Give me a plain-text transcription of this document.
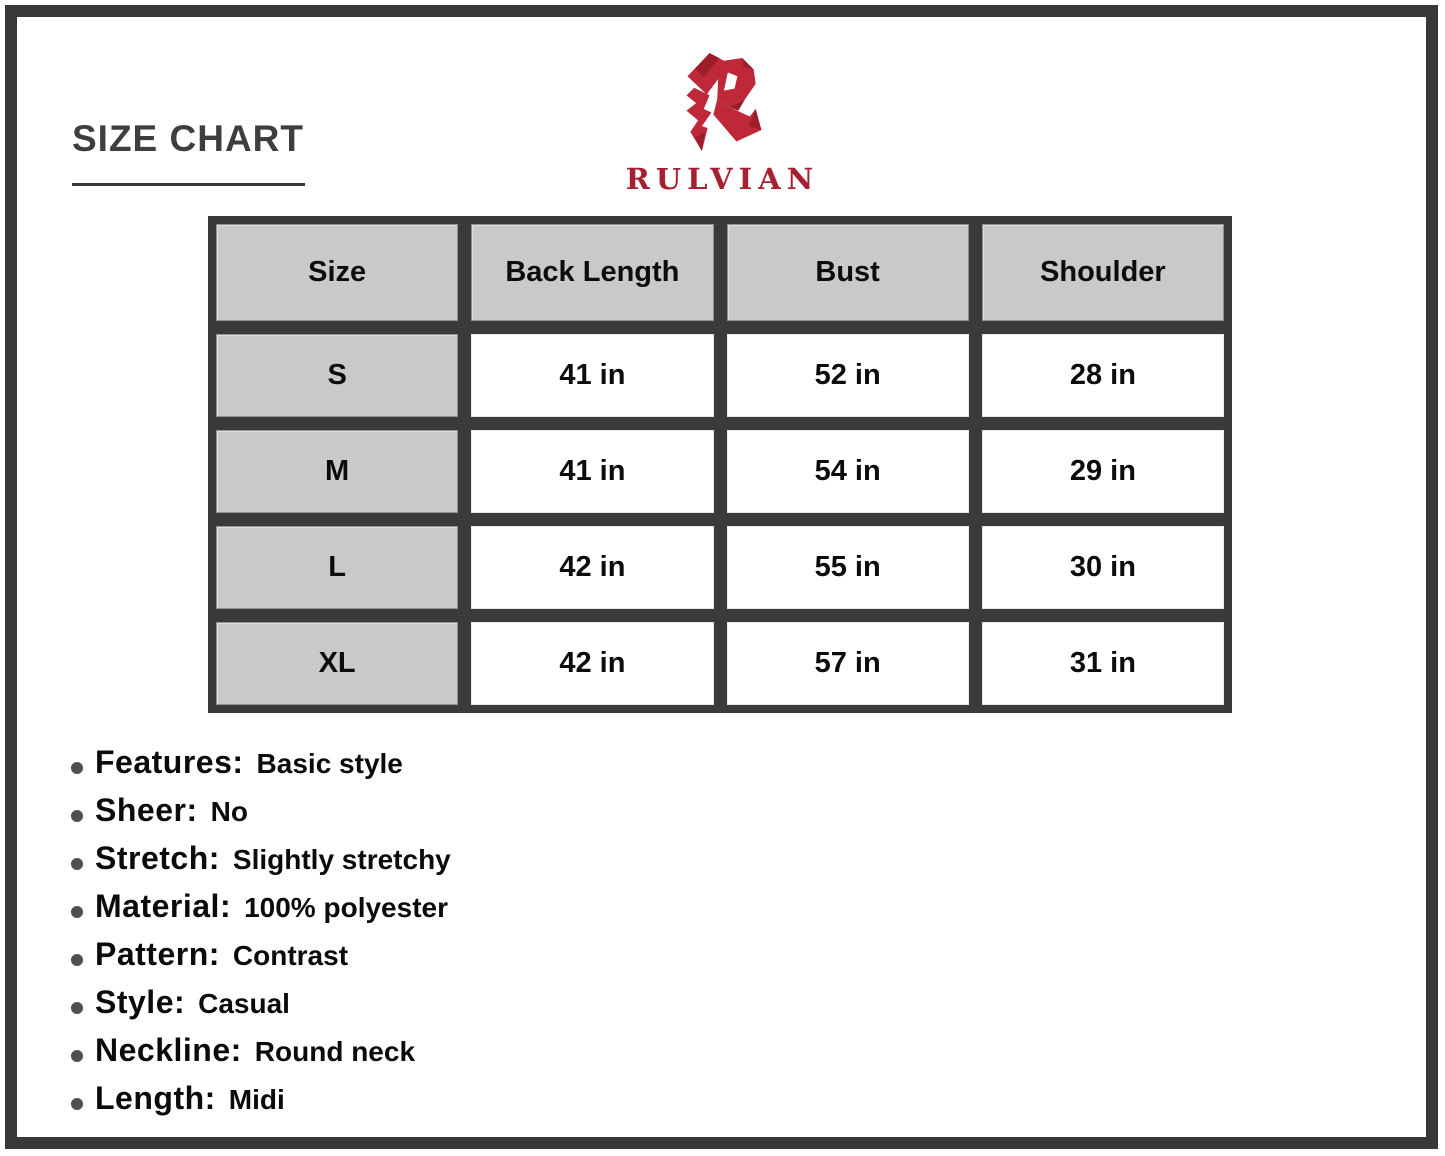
SIZE CHART
RULVIAN
Size	Back Length	Bust	Shoulder
S	41 in	52 in	28 in
M	41 in	54 in	29 in
L	42 in	55 in	30 in
XL	42 in	57 in	31 in
Features: Basic style
Sheer: No
Stretch: Slightly stretchy
Material: 100% polyester
Pattern: Contrast
Style: Casual
Neckline: Round neck
Length: Midi
